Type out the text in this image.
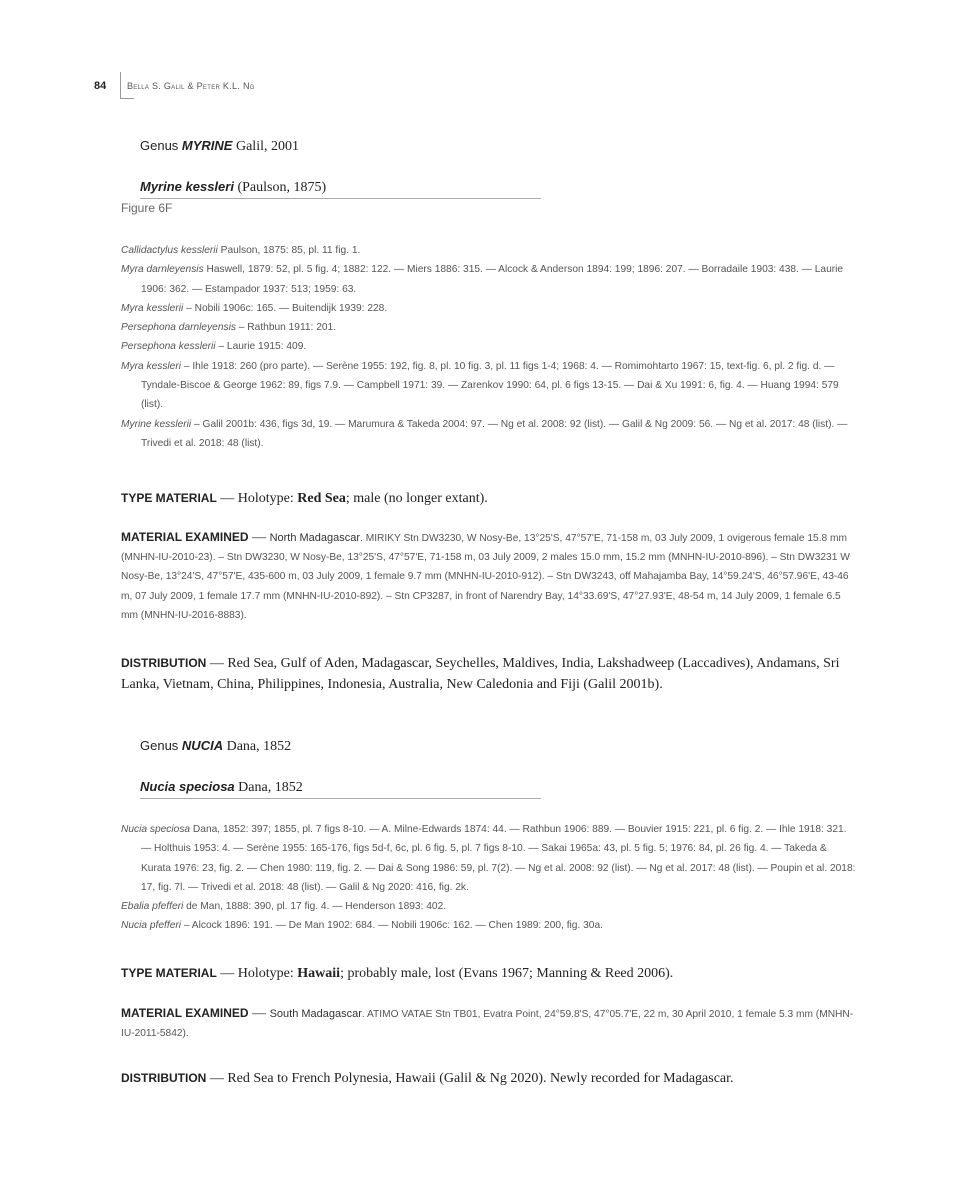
84 Bella S. Galil & Peter K.L. Ng
Genus MYRINE Galil, 2001
Myrine kessleri (Paulson, 1875)
Figure 6F

Callidactylus kesslerii Paulson, 1875: 85, pl. 11 fig. 1.

Myra darnleyensis Haswell, 1879: 52, pl. 5 fig. 4; 1882: 122. — Miers 1886: 315. — Alcock & Anderson 1894: 199; 1896: 207. — Borradaile 1903: 438. — Laurie 1906: 362. — Estampador 1937: 513; 1959: 63.

Myra kesslerii – Nobili 1906c: 165. — Buitendijk 1939: 228.

Persephona darnleyensis – Rathbun 1911: 201.

Persephona kesslerii – Laurie 1915: 409.

Myra kessleri – Ihle 1918: 260 (pro parte). — Serène 1955: 192, fig. 8, pl. 10 fig. 3, pl. 11 figs 1-4; 1968: 4. — Romimohtarto 1967: 15, text-fig. 6, pl. 2 fig. d. — Tyndale-Biscoe & George 1962: 89, figs 7.9. — Campbell 1971: 39. — Zarenkov 1990: 64, pl. 6 figs 13-15. — Dai & Xu 1991: 6, fig. 4. — Huang 1994: 579 (list).

Myrine kesslerii – Galil 2001b: 436, figs 3d, 19. — Marumura & Takeda 2004: 97. — Ng et al. 2008: 92 (list). — Galil & Ng 2009: 56. — Ng et al. 2017: 48 (list). — Trivedi et al. 2018: 48 (list).

TYPE MATERIAL — Holotype: Red Sea; male (no longer extant).
MATERIAL EXAMINED — North Madagascar. MIRIKY Stn DW3230, W Nosy-Be, 13°25'S, 47°57'E, 71-158 m, 03 July 2009, 1 ovigerous female 15.8 mm (MNHN-IU-2010-23). – Stn DW3230, W Nosy-Be, 13°25'S, 47°57'E, 71-158 m, 03 July 2009, 2 males 15.0 mm, 15.2 mm (MNHN-IU-2010-896). – Stn DW3231 W Nosy-Be, 13°24'S, 47°57'E, 435-600 m, 03 July 2009, 1 female 9.7 mm (MNHN-IU-2010-912). – Stn DW3243, off Mahajamba Bay, 14°59.24'S, 46°57.96'E, 43-46 m, 07 July 2009, 1 female 17.7 mm (MNHN-IU-2010-892). – Stn CP3287, in front of Narendry Bay, 14°33.69'S, 47°27.93'E, 48-54 m, 14 July 2009, 1 female 6.5 mm (MNHN-IU-2016-8883).
DISTRIBUTION — Red Sea, Gulf of Aden, Madagascar, Seychelles, Maldives, India, Lakshadweep (Laccadives), Andamans, Sri Lanka, Vietnam, China, Philippines, Indonesia, Australia, New Caledonia and Fiji (Galil 2001b).
Genus NUCIA Dana, 1852
Nucia speciosa Dana, 1852

Nucia speciosa Dana, 1852: 397; 1855, pl. 7 figs 8-10. — A. Milne-Edwards 1874: 44. — Rathbun 1906: 889. — Bouvier 1915: 221, pl. 6 fig. 2. — Ihle 1918: 321. — Holthuis 1953: 4. — Serène 1955: 165-176, figs 5d-f, 6c, pl. 6 fig. 5, pl. 7 figs 8-10. — Sakai 1965a: 43, pl. 5 fig. 5; 1976: 84, pl. 26 fig. 4. — Takeda & Kurata 1976: 23, fig. 2. — Chen 1980: 119, fig. 2. — Dai & Song 1986: 59, pl. 7(2). — Ng et al. 2008: 92 (list). — Ng et al. 2017: 48 (list). — Poupin et al. 2018: 17, fig. 7l. — Trivedi et al. 2018: 48 (list). — Galil & Ng 2020: 416, fig. 2k.

Ebalia pfefferi de Man, 1888: 390, pl. 17 fig. 4. — Henderson 1893: 402.

Nucia pfefferi – Alcock 1896: 191. — De Man 1902: 684. — Nobili 1906c: 162. — Chen 1989: 200, fig. 30a.

TYPE MATERIAL — Holotype: Hawaii; probably male, lost (Evans 1967; Manning & Reed 2006).
MATERIAL EXAMINED — South Madagascar. ATIMO VATAE Stn TB01, Evatra Point, 24°59.8'S, 47°05.7'E, 22 m, 30 April 2010, 1 female 5.3 mm (MNHN-IU-2011-5842).
DISTRIBUTION — Red Sea to French Polynesia, Hawaii (Galil & Ng 2020). Newly recorded for Madagascar.
